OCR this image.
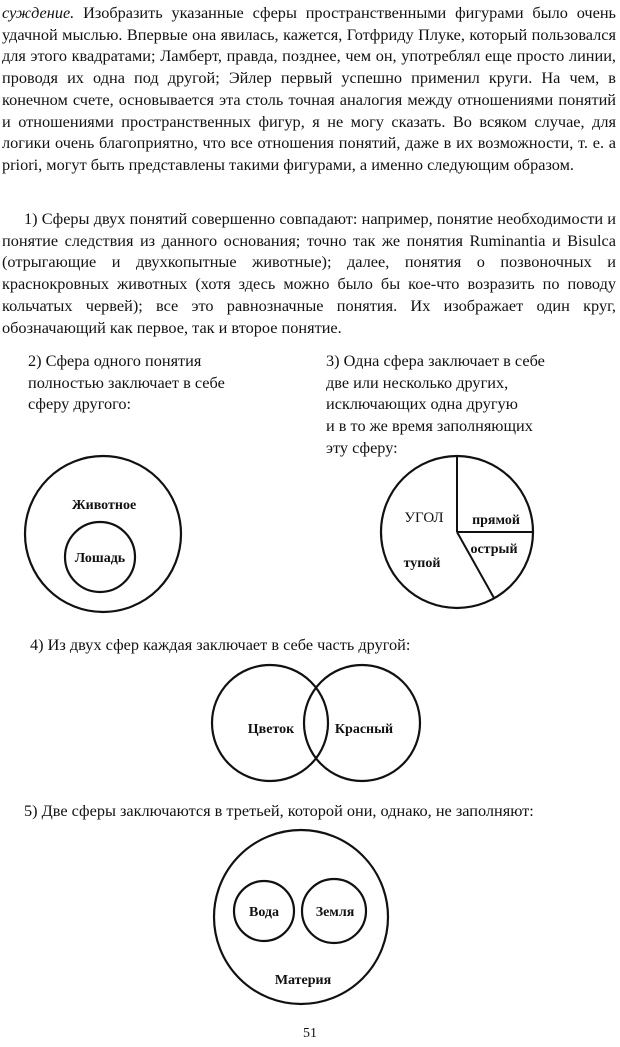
суждение. Изобразить указанные сферы пространственными фигурами было очень удачной мыслью. Впервые она явилась, кажется, Готфриду Плуке, который пользовался для этого квадратами; Ламберт, правда, позднее, чем он, употреблял еще просто линии, проводя их одна под другой; Эйлер первый успешно применил круги. На чем, в конечном счете, основывается эта столь точная аналогия между отношениями понятий и отношениями пространственных фигур, я не могу сказать. Во всяком случае, для логики очень благоприятно, что все отношения понятий, даже в их возможности, т. е. a priori, могут быть представлены такими фигурами, а именно следующим образом.

1) Сферы двух понятий совершенно совпадают: например, понятие необходимости и понятие следствия из данного основания; точно так же понятия Ruminantia и Bisulca (отрыгающие и двухкопытные животные); далее, понятия о позвоночных и краснокровных животных (хотя здесь можно было бы кое-что возразить по поводу кольчатых червей); все это равнозначные понятия. Их изображает один круг, обозначающий как первое, так и второе понятие.

2) Сфера одного понятия
полностью заключает в себе
сферу другого:
3) Одна сфера заключает в себе
две или несколько других,
исключающих одна другую
и в то же время заполняющих
эту сферу:

4) Из двух сфер каждая заключает в себе часть другой:

5) Две сферы заключаются в третьей, которой они, однако, не заполняют:

Животное
Лошадь
УГОЛ прямой
острый
тупой
Цветок	Красный
Вода	Земля
Материя
51
